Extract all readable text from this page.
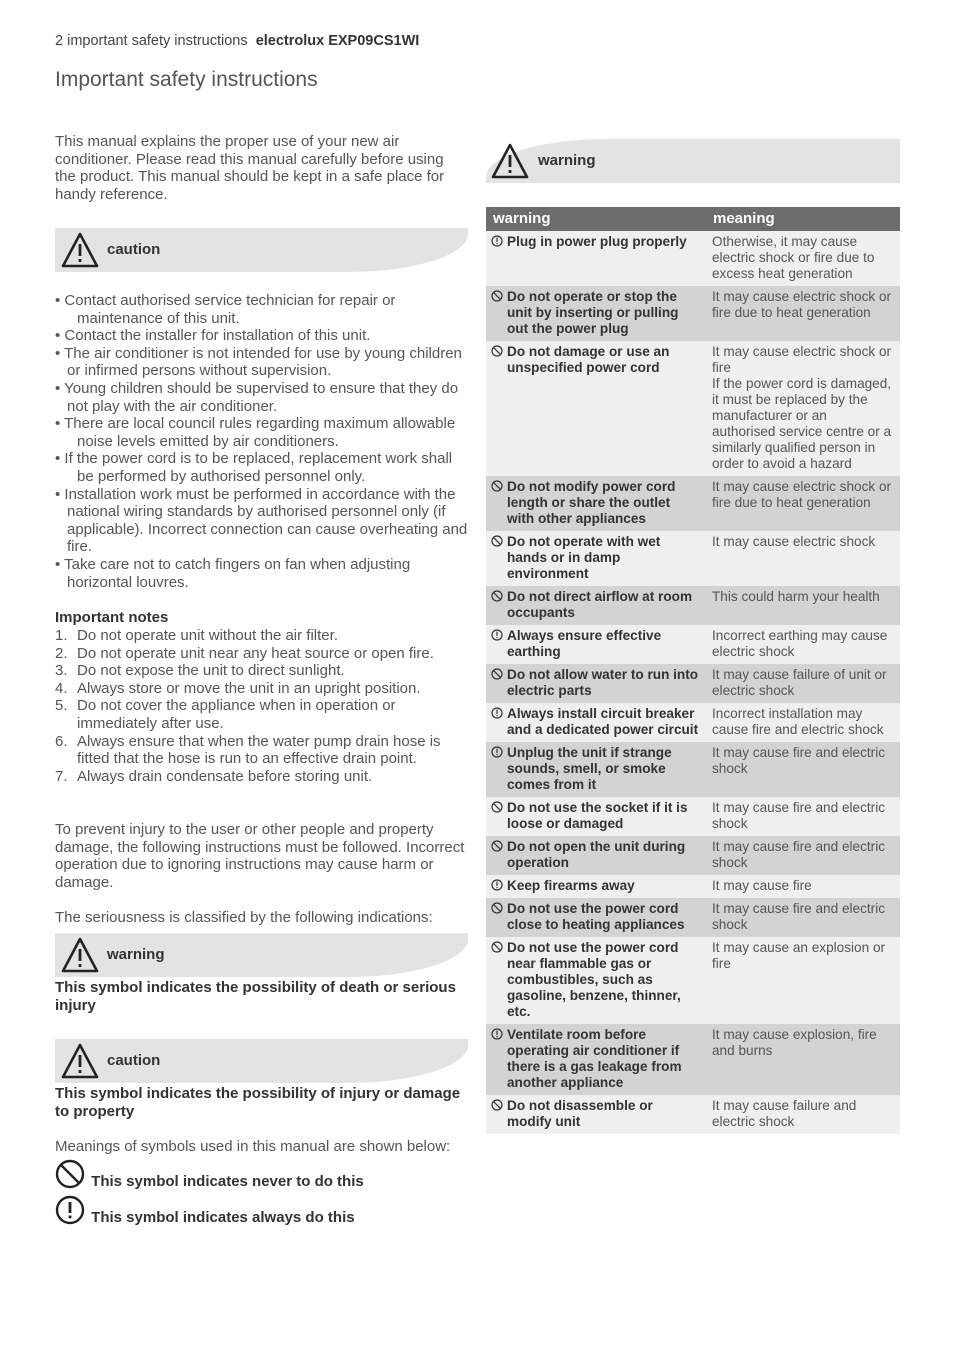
2 important safety instructions electrolux EXP09CS1WI
Important safety instructions
This manual explains the proper use of your new air conditioner. Please read this manual carefully before using the product. This manual should be kept in a safe place for handy reference.
caution
• Contact authorised service technician for repair or maintenance of this unit.
• Contact the installer for installation of this unit.
• The air conditioner is not intended for use by young children or infirmed persons without supervision.
• Young children should be supervised to ensure that they do not play with the air conditioner.
• There are local council rules regarding maximum allowable noise levels emitted by air conditioners.
• If the power cord is to be replaced, replacement work shall be performed by authorised personnel only.
• Installation work must be performed in accordance with the national wiring standards by authorised personnel only (if applicable). Incorrect connection can cause overheating and fire.
• Take care not to catch fingers on fan when adjusting horizontal louvres.
Important notes
1. Do not operate unit without the air filter.
2. Do not operate unit near any heat source or open fire.
3. Do not expose the unit to direct sunlight.
4. Always store or move the unit in an upright position.
5. Do not cover the appliance when in operation or immediately after use.
6. Always ensure that when the water pump drain hose is fitted that the hose is run to an effective drain point.
7. Always drain condensate before storing unit.
To prevent injury to the user or other people and property damage, the following instructions must be followed. Incorrect operation due to ignoring instructions may cause harm or damage.
The seriousness is classified by the following indications:
warning
This symbol indicates the possibility of death or serious injury
caution
This symbol indicates the possibility of injury or damage to property
Meanings of symbols used in this manual are shown below:
This symbol indicates never to do this
This symbol indicates always do this
warning
warning	meaning

Plug in power plug properly	Otherwise, it may cause electric shock or fire due to excess heat generation

Do not operate or stop the unit by inserting or pulling out the power plug	It may cause electric shock or fire due to heat generation

Do not damage or use an unspecified power cord	It may cause electric shock or fire
If the power cord is damaged, it must be replaced by the manufacturer or an authorised service centre or a similarly qualified person in order to avoid a hazard

Do not modify power cord length or share the outlet with other appliances	It may cause electric shock or fire due to heat generation

Do not operate with wet hands or in damp environment	It may cause electric shock

Do not direct airflow at room occupants	This could harm your health

Always ensure effective earthing	Incorrect earthing may cause electric shock

Do not allow water to run into electric parts	It may cause failure of unit or electric shock

Always install circuit breaker and a dedicated power circuit	Incorrect installation may cause fire and electric shock

Unplug the unit if strange sounds, smell, or smoke comes from it	It may cause fire and electric shock

Do not use the socket if it is loose or damaged	It may cause fire and electric shock

Do not open the unit during operation	It may cause fire and electric shock

Keep firearms away	It may cause fire

Do not use the power cord close to heating appliances	It may cause fire and electric shock

Do not use the power cord near flammable gas or combustibles, such as gasoline, benzene, thinner, etc.	It may cause an explosion or fire

Ventilate room before operating air conditioner if there is a gas leakage from another appliance	It may cause explosion, fire and burns

Do not disassemble or modify unit	It may cause failure and electric shock
